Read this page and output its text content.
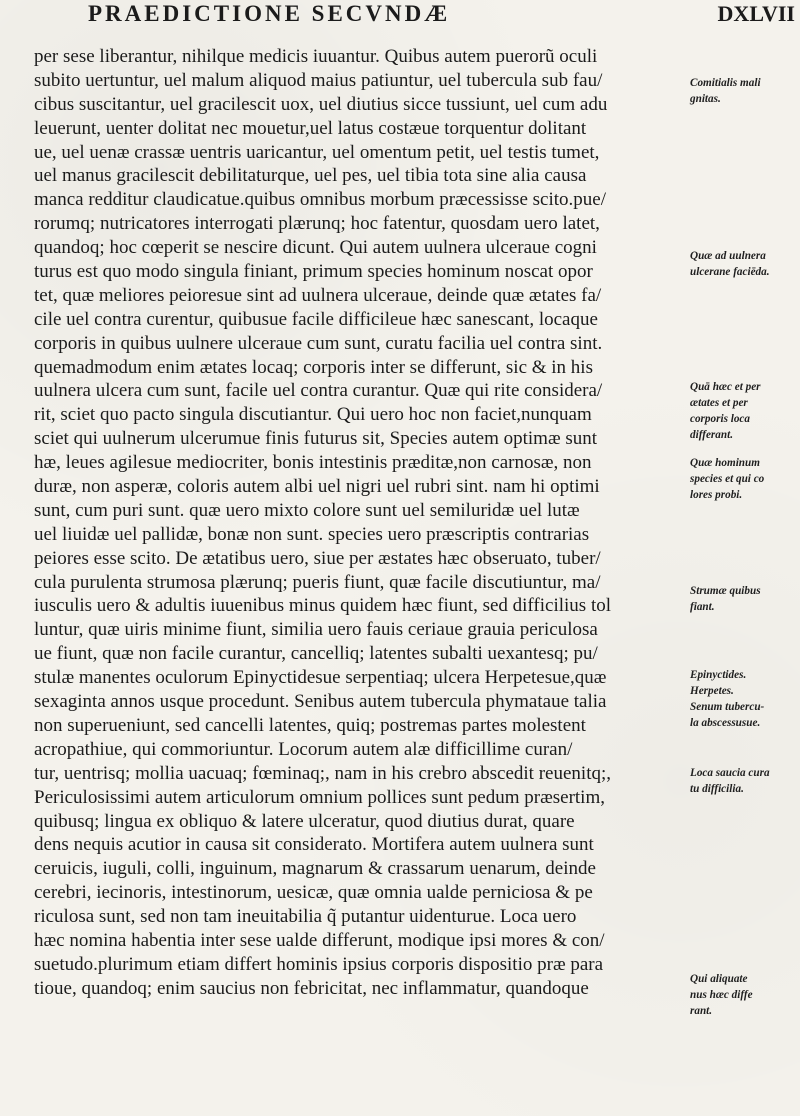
PRAEDICTIONE SECVNDÆ	DXLVII
per sese liberantur, nihilque medicis iuuantur. Quibus autem puerorũ oculi
subito uertuntur, uel malum aliquod maius patiuntur, uel tubercula sub fau/
cibus suscitantur, uel gracilescit uox, uel diutius sicce tussiunt, uel cum adu
leuerunt, uenter dolitat nec mouetur,uel latus costæue torquentur dolitant
ue, uel uenæ crassæ uentris uaricantur, uel omentum petit, uel testis tumet,
uel manus gracilescit debilitaturque, uel pes, uel tibia tota sine alia causa
manca redditur claudicatue.quibus omnibus morbum præcessisse scito.pue/
rorumq; nutricatores interrogati plærunq; hoc fatentur, quosdam uero latet,
quandoq; hoc cœperit se nescire dicunt. Qui autem uulnera ulceraue cogni
turus est quo modo singula finiant, primum species hominum noscat opor
tet, quæ meliores peioresue sint ad uulnera ulceraue, deinde quæ ætates fa/
cile uel contra curentur, quibusue facile difficileue hæc sanescant, locaque
corporis in quibus uulnere ulceraue cum sunt, curatu facilia uel contra sint.
quemadmodum enim ætates locaq; corporis inter se differunt, sic & in his
uulnera ulcera cum sunt, facile uel contra curantur. Quæ qui rite considera/
rit, sciet quo pacto singula discutiantur. Qui uero hoc non faciet,nunquam
sciet qui uulnerum ulcerumue finis futurus sit, Species autem optimæ sunt
hæ, leues agilesue mediocriter, bonis intestinis præditæ,non carnosæ, non
duræ, non asperæ, coloris autem albi uel nigri uel rubri sint. nam hi optimi
sunt, cum puri sunt. quæ uero mixto colore sunt uel semiluridæ uel lutæ
uel liuidæ uel pallidæ, bonæ non sunt. species uero præscriptis contrarias
peiores esse scito. De ætatibus uero, siue per æstates hæc obseruato, tuber/
cula purulenta strumosa plærunq; pueris fiunt, quæ facile discutiuntur, ma/
iusculis uero & adultis iuuenibus minus quidem hæc fiunt, sed difficilius tol
luntur, quæ uiris minime fiunt, similia uero fauis ceriaue grauia periculosa
ue fiunt, quæ non facile curantur, cancelliq; latentes subalti uexantesq; pu/
stulæ manentes oculorum Epinyctidesue serpentiaq; ulcera Herpetesue,quæ
sexaginta annos usque procedunt. Senibus autem tubercula phymataue talia
non superueniunt, sed cancelli latentes, quiq; postremas partes molestent
acropathiue, qui commoriuntur. Locorum autem alæ difficillime curan/
tur, uentrisq; mollia uacuaq; fœminaq;, nam in his crebro abscedit reuenitq;,
Periculosissimi autem articulorum omnium pollices sunt pedum præsertim,
quibusq; lingua ex obliquo & latere ulceratur, quod diutius durat, quare
dens nequis acutior in causa sit considerato. Mortifera autem uulnera sunt
ceruicis, iuguli, colli, inguinum, magnarum & crassarum uenarum, deinde
cerebri, iecinoris, intestinorum, uesicæ, quæ omnia ualde perniciosa & pe
riculosa sunt, sed non tam ineuitabilia q̃ putantur uidenturue. Loca uero
hæc nomina habentia inter sese ualde differunt, modique ipsi mores & con/
suetudo.plurimum etiam differt hominis ipsius corporis dispositio præ para
tioue, quandoq; enim saucius non febricitat, nec inflammatur, quandoque
Comitialis mali
gnitas.
Quæ ad uulnera
ulcerane faciēda.
Quā hæc et per
ætates et per
corporis loca
differant.
Quæ hominum
species et qui co
lores probi.
Strumæ quibus
fiant.
Epinyctides.
Herpetes.
Senum tubercu-
la abscessusue.
Loca saucia cura
tu difficilia.
Qui aliquate
nus hæc diffe
rant.
